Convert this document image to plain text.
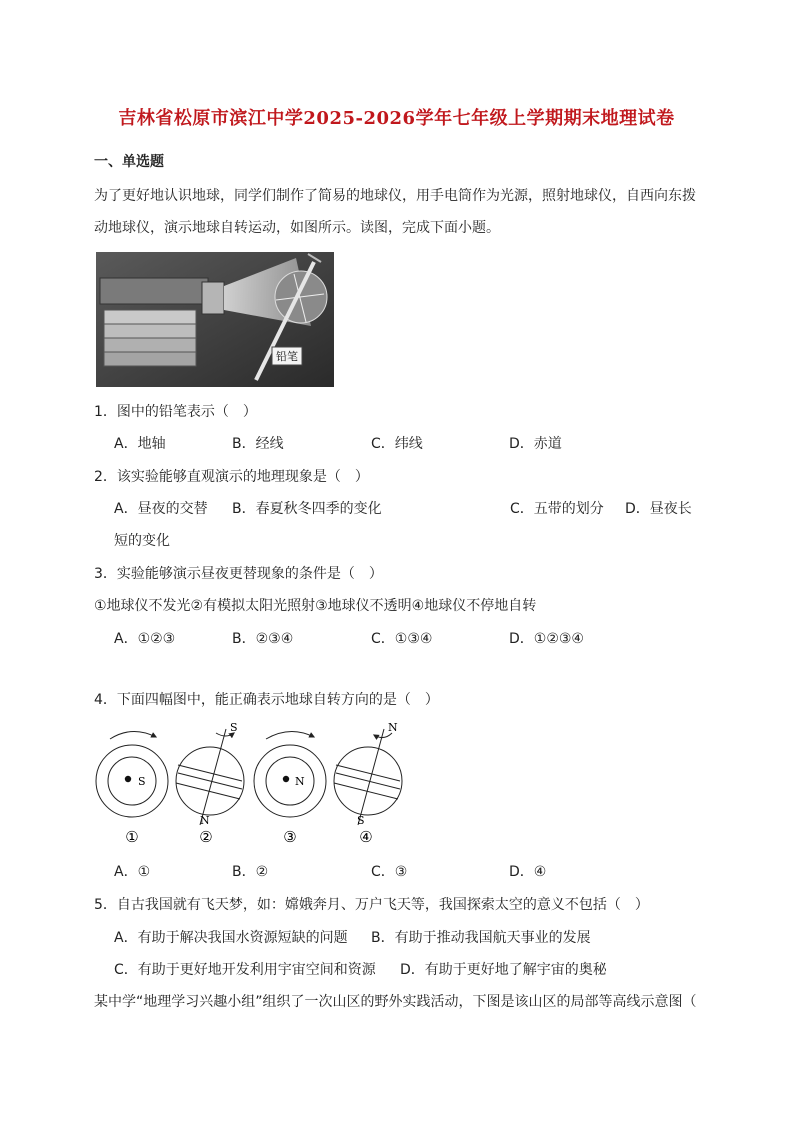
吉林省松原市滨江中学2025-2026学年七年级上学期期末地理试卷
一、单选题
为了更好地认识地球，同学们制作了简易的地球仪，用手电筒作为光源，照射地球仪，自西向东拨
动地球仪，演示地球自转运动，如图所示。读图，完成下面小题。
铅笔
1．图中的铅笔表示（　）
A．地轴	B．经线	C．纬线	D．赤道
2．该实验能够直观演示的地理现象是（　）
A．昼夜的交替 B．春夏秋冬四季的变化	C．五带的划分 D．昼夜长
短的变化
3．实验能够演示昼夜更替现象的条件是（　）
①地球仪不发光②有模拟太阳光照射③地球仪不透明④地球仪不停地自转
A．①②③	B．②③④	C．①③④	D．①②③④
4．下面四幅图中，能正确表示地球自转方向的是（　）
S
①
S
N
②
N
③
N
S
④
A．①	B．②	C．③	D．④
5．自古我国就有飞天梦，如：嫦娥奔月、万户飞天等，我国探索太空的意义不包括（　）
A．有助于解决我国水资源短缺的问题 B．有助于推动我国航天事业的发展
C．有助于更好地开发利用宇宙空间和资源 D．有助于更好地了解宇宙的奥秘
某中学“地理学习兴趣小组”组织了一次山区的野外实践活动，下图是该山区的局部等高线示意图（
